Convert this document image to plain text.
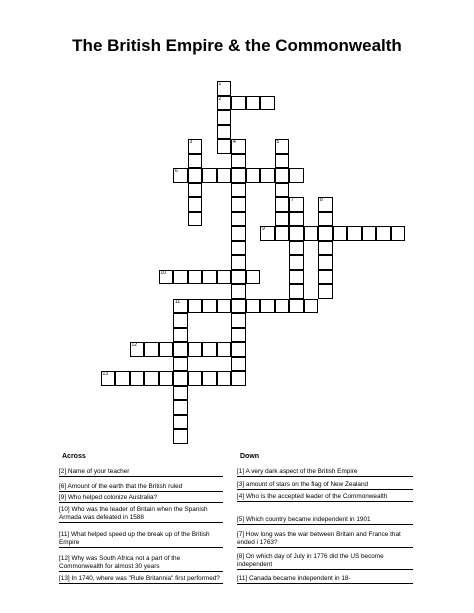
The British Empire & the Commonwealth
1
2
3	4	5
6
7	8
9
10
11
12
13
Across	Down
[2] Name of your teacher
[6] Amount of the earth that the British ruled
[9] Who helped colonize Australia?
[10] Who was the leader of Britain when the Spanish Armada was defeated in 1588
[11] What helped speed up the break up of the British Empire
[12] Why was South Africa not a part of the Commonwealth for almost 30 years
[13] In 1740, where was "Rule Britannia" first performed?
[1] A very dark aspect of the British Empire
[3] amount of stars on the flag of New Zealand
[4] Who is the accepted leader of the Commonwealth
[5] Which country became independent in 1901
[7] How long was the war between Britain and France that ended i 1763?
[8] On which day of July in 1776 did the US become independent
[11] Canada became independent in 18-
